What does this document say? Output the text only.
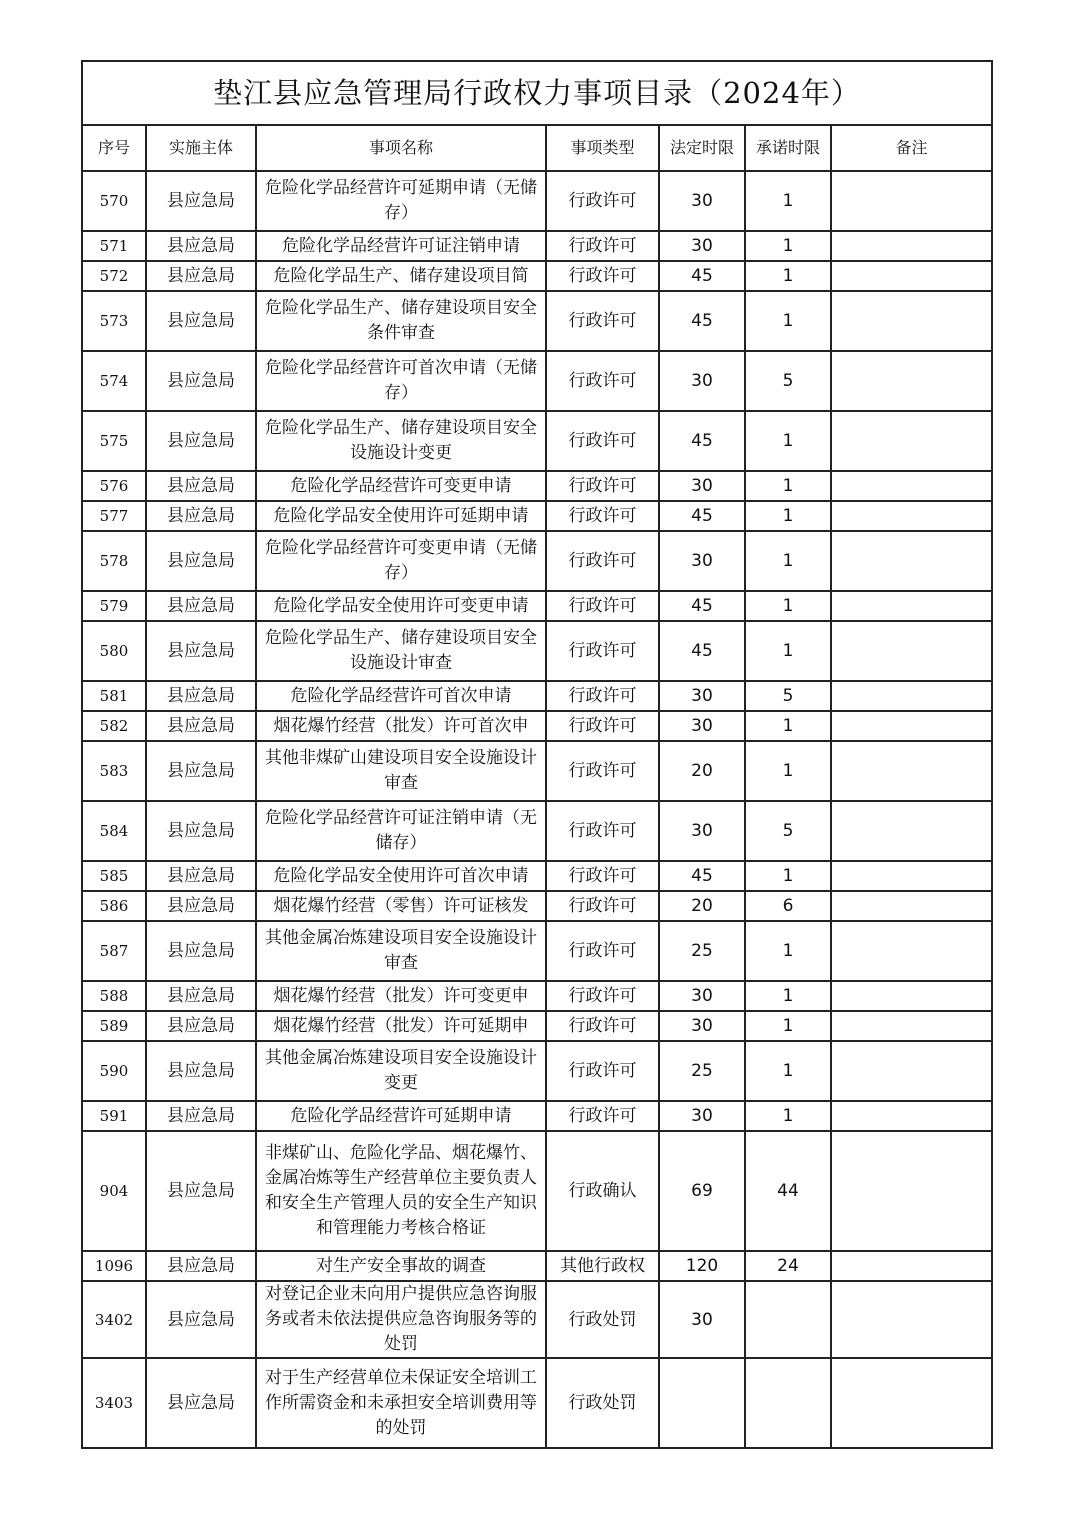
垫江县应急管理局行政权力事项目录（2024年）						
序号	实施主体	事项名称	事项类型	法定时限	承诺时限	备注
570	县应急局	危险化学品经营许可延期申请（无储存）	行政许可	30	1	
571	县应急局	危险化学品经营许可证注销申请	行政许可	30	1	
572	县应急局	危险化学品生产、储存建设项目简	行政许可	45	1	
573	县应急局	危险化学品生产、储存建设项目安全条件审查	行政许可	45	1	
574	县应急局	危险化学品经营许可首次申请（无储存）	行政许可	30	5	
575	县应急局	危险化学品生产、储存建设项目安全设施设计变更	行政许可	45	1	
576	县应急局	危险化学品经营许可变更申请	行政许可	30	1	
577	县应急局	危险化学品安全使用许可延期申请	行政许可	45	1	
578	县应急局	危险化学品经营许可变更申请（无储存）	行政许可	30	1	
579	县应急局	危险化学品安全使用许可变更申请	行政许可	45	1	
580	县应急局	危险化学品生产、储存建设项目安全设施设计审查	行政许可	45	1	
581	县应急局	危险化学品经营许可首次申请	行政许可	30	5	
582	县应急局	烟花爆竹经营（批发）许可首次申	行政许可	30	1	
583	县应急局	其他非煤矿山建设项目安全设施设计审查	行政许可	20	1	
584	县应急局	危险化学品经营许可证注销申请（无储存）	行政许可	30	5	
585	县应急局	危险化学品安全使用许可首次申请	行政许可	45	1	
586	县应急局	烟花爆竹经营（零售）许可证核发	行政许可	20	6	
587	县应急局	其他金属冶炼建设项目安全设施设计审查	行政许可	25	1	
588	县应急局	烟花爆竹经营（批发）许可变更申	行政许可	30	1	
589	县应急局	烟花爆竹经营（批发）许可延期申	行政许可	30	1	
590	县应急局	其他金属冶炼建设项目安全设施设计变更	行政许可	25	1	
591	县应急局	危险化学品经营许可延期申请	行政许可	30	1	
904	县应急局	非煤矿山、危险化学品、烟花爆竹、金属冶炼等生产经营单位主要负责人和安全生产管理人员的安全生产知识和管理能力考核合格证	行政确认	69	44	
1096	县应急局	对生产安全事故的调查	其他行政权	120	24	
3402	县应急局	对登记企业未向用户提供应急咨询服务或者未依法提供应急咨询服务等的处罚	行政处罚	30		
3403	县应急局	对于生产经营单位未保证安全培训工作所需资金和未承担安全培训费用等的处罚	行政处罚			
